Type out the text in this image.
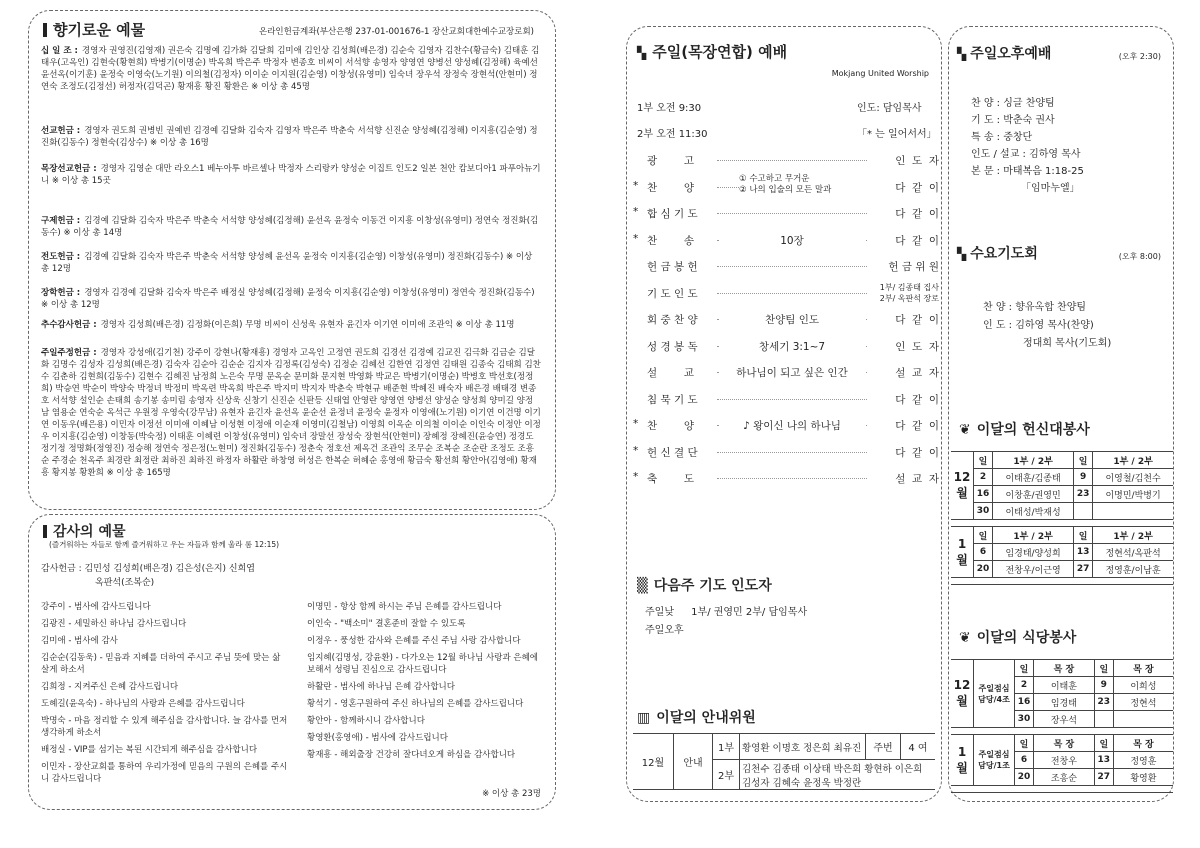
향기로운 예물	온라인헌금계좌(부산은행 237-01-001676-1 장산교회대한예수교장로회)
십 일 조 : 경영자 권영진(김영재) 권은숙 김명예 김가화 김달희 김미애 김인상 김성희(배은경) 김순숙 김영자 김찬수(황금숙) 김태훈 김태우(고옥인) 김현숙(황현희) 박병기(이명순) 박옥희 박은주 박정자 변종호 비씨이 서석향 송영자 양영연 양병선 양성혜(김정해) 육예선 윤선옥(이기훈) 윤정숙 이영숙(노기원) 이의철(김정자) 이이순 이지원(김순영) 이창성(유영미) 임숙녀 장우석 장정숙 장현석(안현미) 정연숙 조정도(김정선) 허정자(김덕곤) 황재흥 황진 황환은 ※ 이상 총 45명
선교헌금 : 경영자 권도희 권병빈 권예빈 김경예 김달화 김숙자 김영자 박은주 박춘숙 서석향 신진순 양성혜(김정해) 이지흥(김순영) 정진화(김동수) 정현숙(김상수) ※ 이상 총 16명
목장선교헌금 : 경영자 김영순 대만 라오스1 베누아투 바르셀나 박정자 스리랑카 양성순 이집트 인도2 일본 천안 캄보디아1 파푸아뉴기니 ※ 이상 총 15곳
구제헌금 : 김경예 김달화 김숙자 박은주 박춘숙 서석향 양성혜(김정해) 윤선옥 윤정숙 이동건 이지흥 이창성(유영미) 정연숙 정진화(김동수) ※ 이상 총 14명
전도헌금 : 김경예 김달화 김숙자 박은주 박춘숙 서석향 양성혜 윤선옥 윤정숙 이지흥(김순영) 이창성(유영미) 정진화(김동수) ※ 이상 총 12명
장학헌금 : 경영자 김경예 김달화 김숙자 박은주 배정실 양성혜(김정해) 윤정숙 이지흥(김순영) 이창성(유영미) 정연숙 정진화(김동수) ※ 이상 총 12명
추수감사헌금 : 경영자 김성희(배은경) 김정화(이은희) 무명 비씨이 신성욱 유현자 윤긴자 이기연 이미애 조관익 ※ 이상 총 11명
주일주정헌금 : 경영자 강성애(김기천) 강주이 강현나(황재흥) 경영자 고옥인 고정연 권도희 김경선 김경예 김교진 김극화 김금순 김달화 김명수 김성자 김성희(배은경) 김숙자 김순아 김순순 김지자 김정록(김성숙) 김정순 김혜선 김한연 김정연 김태원 김종숙 김태희 김찬수 김춘하 김현희(김동수) 김현수 김혜진 남정희 노은숙 무명 문옥순 문미화 문지현 박영화 박교은 박병기(이명순) 박병호 박선호(정정희) 박승연 박순이 박양숙 박정녀 박정미 박옥련 박옥희 박은주 박지미 박지자 박춘숙 박현규 배준현 박혜진 배숙자 배은경 배태경 변종호 서석향 설인순 손태희 송기봉 송미림 송영자 신상욱 신창기 신진순 신판등 신태엽 안영란 양영연 양병선 양성순 양성희 양미길 양정남 염용순 연숙순 옥석근 우원정 우영숙(강무남) 유현자 윤긴자 윤선옥 윤순선 윤정녀 윤정숙 윤정자 이영애(노기원) 이기연 이건명 이기연 이동우(배은용) 이민자 이정선 이미애 이혜남 이성현 이정애 이순재 이영미(김철남) 이영희 이옥순 이의철 이이순 이인숙 이정안 이정우 이지흥(김순영) 이창동(박숙정) 이태훈 이혜련 이창성(유영미) 임숙녀 장말선 장성숙 장현석(안현미) 장혜정 장혜진(윤승연) 정경도 정기정 정명화(정영진) 정승해 정연숙 정은정(노현미) 정진화(김동수) 정춘숙 정호선 제옥건 조관익 조무순 조복순 조순란 조정도 조흥순 주경순 천옥주 최경란 최정란 최하진 최하진 하정자 하활란 하창영 허성은 한복순 허혜순 홍영애 황금숙 황선희 황안아(김영애) 황재흥 황지봉 황환희 ※ 이상 총 165명
감사의 예물
(즐거워하는 자들로 함께 즐거워하고 우는 자들과 함께 울라 롬 12:15)
감사헌금 : 김민성 김성희(배은경) 김은성(은지) 신희엽
옥판석(조복순)
강주이 - 범사에 감사드립니다
김광진 - 세밀하신 하나님 감사드립니다
김미애 - 범사에 감사
김순순(김동욱) - 믿음과 지혜를 더하여 주시고 주님 뜻에 맞는 삶 살게 하소서
김희정 - 지켜주신 은혜 감사드립니다
도혜길(윤옥숙) - 하나님의 사랑과 은혜를 감사드립니다
박명숙 - 마음 정리할 수 있게 해주심을 감사합니다. 늘 감사를 먼저 생각하게 하소서
배정실 - VIP를 섬기는 복된 시간되게 해주심을 감사합니다
이민자 - 장산교회를 통하여 우리가정에 믿음의 구원의 은혜를 주시니 감사드립니다
이명민 - 항상 함께 하시는 주님 은혜를 감사드립니다
이인숙 - "백소미" 결혼준비 잘할 수 있도록
이정우 - 풍성한 감사와 은혜를 주신 주님 사랑 감사합니다
임지혜(김명성, 강윤환) - 다가오는 12월 하나님 사랑과 은혜에 보해서 성령님 진심으로 감사드립니다
하활란 - 범사에 하나님 은혜 감사합니다
황석기 - 영혼구원하여 주신 하나님의 은혜를 감사드립니다
황안아 - 함께하시니 감사합니다
황영환(홍영애) - 범사에 감사드립니다
황재흥 - 해외출장 건강히 잘다녀오게 하심을 감사합니다
※ 이상 총 23명
▚ 주일(목장연합) 예배
Mokjang United Worship
1부 오전 9:30	인도: 담임목사
2부 오전 11:30	「* 는 일어서서」
광        고	인  도  자
* 찬        양
① 수고하고 무거운
② 나의 입술의 모든 말과	다  같  이
* 합 심 기 도	다  같  이
* 찬        송	10장	다  같  이
헌 금 봉 헌	헌 금 위 원
기 도 인 도
1부/ 김종태 집사
2부/ 옥판석 장로
회 중 찬 양	찬양팀 인도	다  같  이
성 경 봉 독	창세기 3:1~7	인  도  자
설        교	하나님이 되고 싶은 인간	설  교  자
침 묵 기 도	다  같  이
* 찬        양	♪ 왕이신 나의 하나님	다  같  이
* 헌 신 결 단	다  같  이
* 축        도	설  교  자
▒ 다음주 기도 인도자
주일낮 1부/ 권영민 2부/ 담임목사
주일오후
▥ 이달의 안내위원
12월	안내	1부	황영환 이명호 정은희 최유진	주번	4 여
		2부	김천수 김종태 이상태 박은희 황현하 이은희 김성자 김혜숙 윤정욱 박정란		
▚ 주일오후예배	(오후 2:30)
찬 양 : 싱글 찬양팀
기 도 : 박춘숙 권사
특 송 : 중창단
인도 / 설교 : 김하영 목사
본 문 : 마태복음 1:18-25
「임마누엘」
▚ 수요기도회	(오후 8:00)
찬 양 : 향유옥합 찬양팀
인 도 : 김하영 목사(찬양)
정대희 목사(기도회)
❦ 이달의 헌신대봉사
12
월	일	1부 / 2부	일	1부 / 2부
	2	이태훈/김종태	9	이영철/김천수
	16	이창훈/권영민	23	이명민/박병기
	30	이태성/박재성		

1
월	일	1부 / 2부	일	1부 / 2부
	6	임경태/양성희	13	정현석/옥판석
	20	전창우/이근영	27	정영훈/이남훈

❦ 이달의 식당봉사
12
월	주일점심
담당/4조	일	목 장	일	목 장
		2	이태훈	9	이희성
		16	임경태	23	정현석
		30	장우석		

1
월	주일점심
담당/1조	일	목 장	일	목 장
		6	전창우	13	정영훈
		20	조흥순	27	황영환
